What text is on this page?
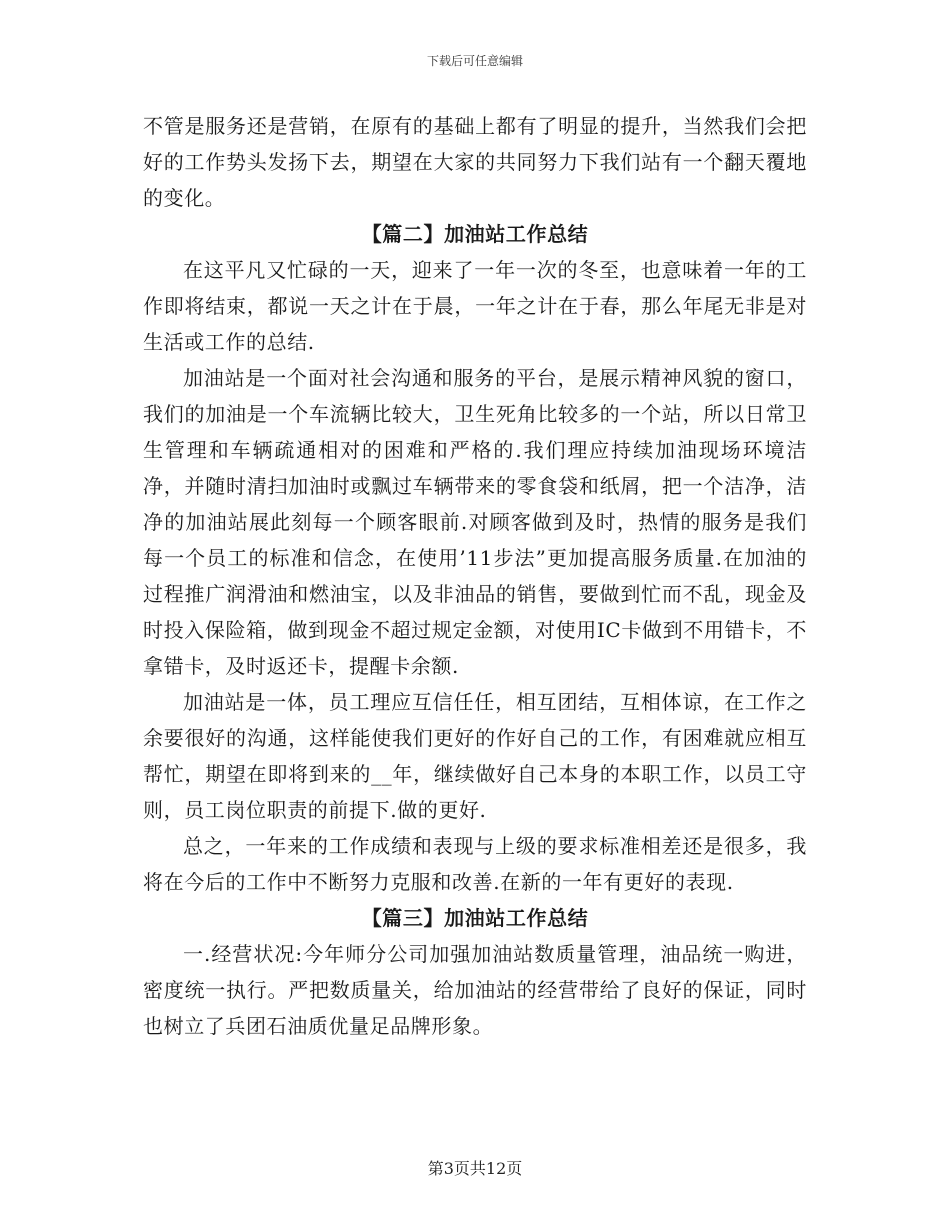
下载后可任意编辑

不管是服务还是营销，在原有的基础上都有了明显的提升，当然我们会把好的工作势头发扬下去，期望在大家的共同努力下我们站有一个翻天覆地的变化。

【篇二】加油站工作总结

在这平凡又忙碌的一天，迎来了一年一次的冬至，也意味着一年的工作即将结束，都说一天之计在于晨，一年之计在于春，那么年尾无非是对生活或工作的总结.

加油站是一个面对社会沟通和服务的平台，是展示精神风貌的窗口，我们的加油是一个车流辆比较大，卫生死角比较多的一个站，所以日常卫生管理和车辆疏通相对的困难和严格的.我们理应持续加油现场环境洁净，并随时清扫加油时或飘过车辆带来的零食袋和纸屑，把一个洁净，洁净的加油站展此刻每一个顾客眼前.对顾客做到及时，热情的服务是我们每一个员工的标准和信念，在使用’11步法”更加提高服务质量.在加油的过程推广润滑油和燃油宝，以及非油品的销售，要做到忙而不乱，现金及时投入保险箱，做到现金不超过规定金额，对使用IC卡做到不用错卡，不拿错卡，及时返还卡，提醒卡余额.

加油站是一体，员工理应互信任任，相互团结，互相体谅，在工作之余要很好的沟通，这样能使我们更好的作好自己的工作，有困难就应相互帮忙，期望在即将到来的__年，继续做好自己本身的本职工作，以员工守则，员工岗位职责的前提下.做的更好.

总之，一年来的工作成绩和表现与上级的要求标准相差还是很多，我将在今后的工作中不断努力克服和改善.在新的一年有更好的表现.

【篇三】加油站工作总结

一.经营状况:今年师分公司加强加油站数质量管理，油品统一购进，密度统一执行。严把数质量关，给加油站的经营带给了良好的保证，同时也树立了兵团石油质优量足品牌形象。

第3页共12页
